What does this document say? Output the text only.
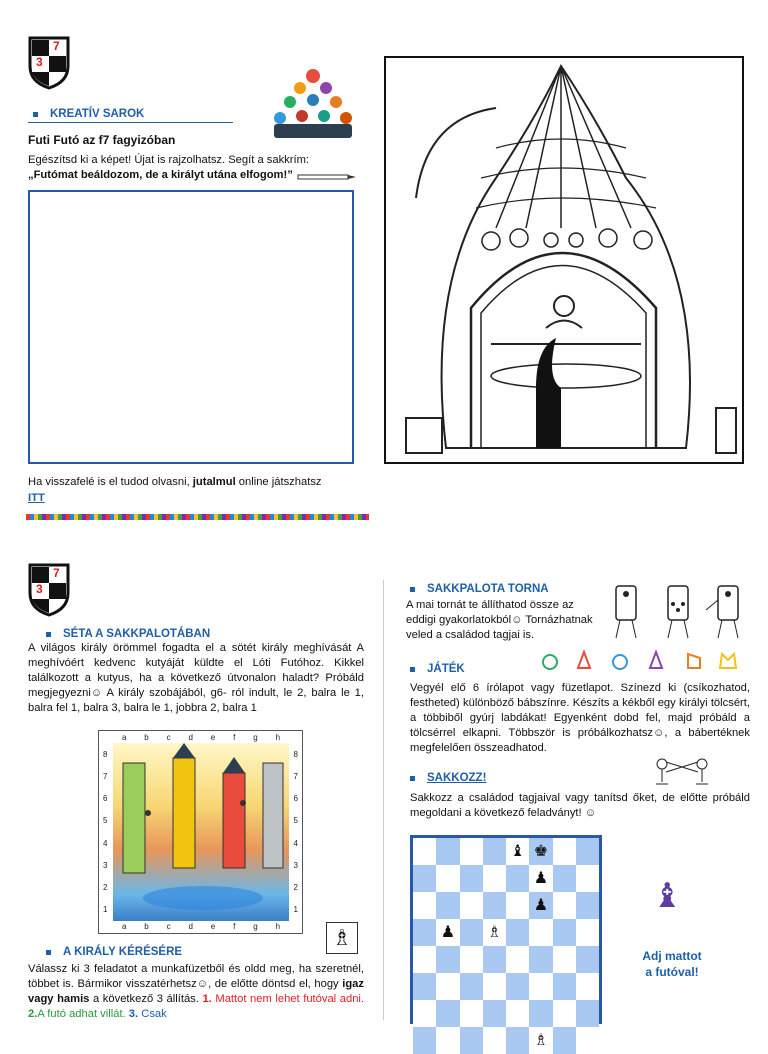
7
3
KREATÍV SAROK
Futi Futó az f7 fagyizóban
Egészítsd ki a képet! Újat is rajzolhatsz. Segít a sakkrím:
„Futómat beáldozom, de a királyt utána elfogom!”
Ha visszafelé is el tudod olvasni, jutalmul online játszhatsz
ITT
7
3
SÉTA A SAKKPALOTÁBAN
A világos király örömmel fogadta el a sötét király meghívását A meghívóért kedvenc kutyáját küldte el Lóti Futóhoz. Kikkel találkozott a kutyus, ha a következő útvonalon haladt? Próbáld megjegyezni☺ A király szobájából, g6- ról indult, le 2, balra le 1, balra fel 1, balra 3, balra le 1, jobbra 2, balra 1
a b c d e f g h
a b c d e f g h
8
7
6
5
4
3
2
1
8
7
6
5
4
3
2
1
♗
A KIRÁLY KÉRÉSÉRE
Válassz ki 3 feladatot a munkafüzetből és oldd meg, ha szeretnél, többet is. Bármikor visszatérhetsz☺, de előtte döntsd el, hogy igaz vagy hamis a következő 3 állítás. 1. Mattot nem lehet futóval adni. 2.A futó adhat villát. 3. Csak
SAKKPALOTA TORNA
A mai tornát te állíthatod össze az eddigi gyakorlatokból☺ Tornázhatnak veled a családod tagjai is.
JÁTÉK
Vegyél elő 6 írólapot vagy füzetlapot. Színezd ki (csíkozhatod, festheted) különböző bábszínre. Készíts a kékből egy királyi tölcsért, a többiből gyúrj labdákat! Egyenként dobd fel, majd próbáld a tölcsérrel elkapni. Többször is próbálkozhatsz☺, a bábertéknek megfelelően összeadhatod.
SAKKOZZ!
Sakkozz a családod tagjaival vagy tanítsd őket, de előtte próbáld megoldani a következő feladványt! ☺
♝ ♚
♟
♟
♟ ♗
♗
♝
Adj mattot
a futóval!
